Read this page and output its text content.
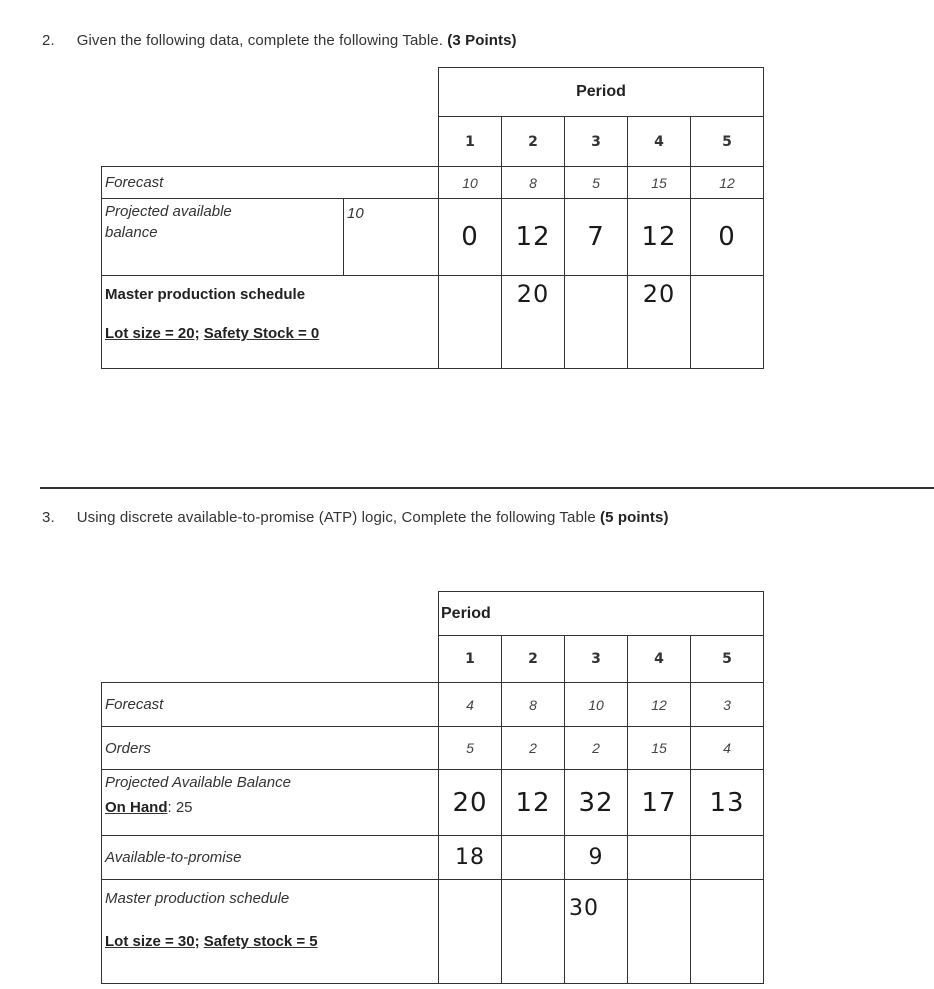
2. Given the following data, complete the following Table. (3 Points)
		Period				
		1	2	3	4	5
Forecast		10	8	5	15	12

Projected available
balance	10	0	12	7	12	0

Master production schedule
Lot size = 20; Safety Stock = 0			20		20	
3. Using discrete available-to-promise (ATP) logic, Complete the following Table (5 points)
	Period				
	1	2	3	4	5
Forecast	4	8	10	12	3
Orders	5	2	2	15	4

Projected Available Balance
On Hand: 25	20	12	32	17	13
Available-to-promise	18		9		

Master production schedule
Lot size = 30; Safety stock = 5			30		
